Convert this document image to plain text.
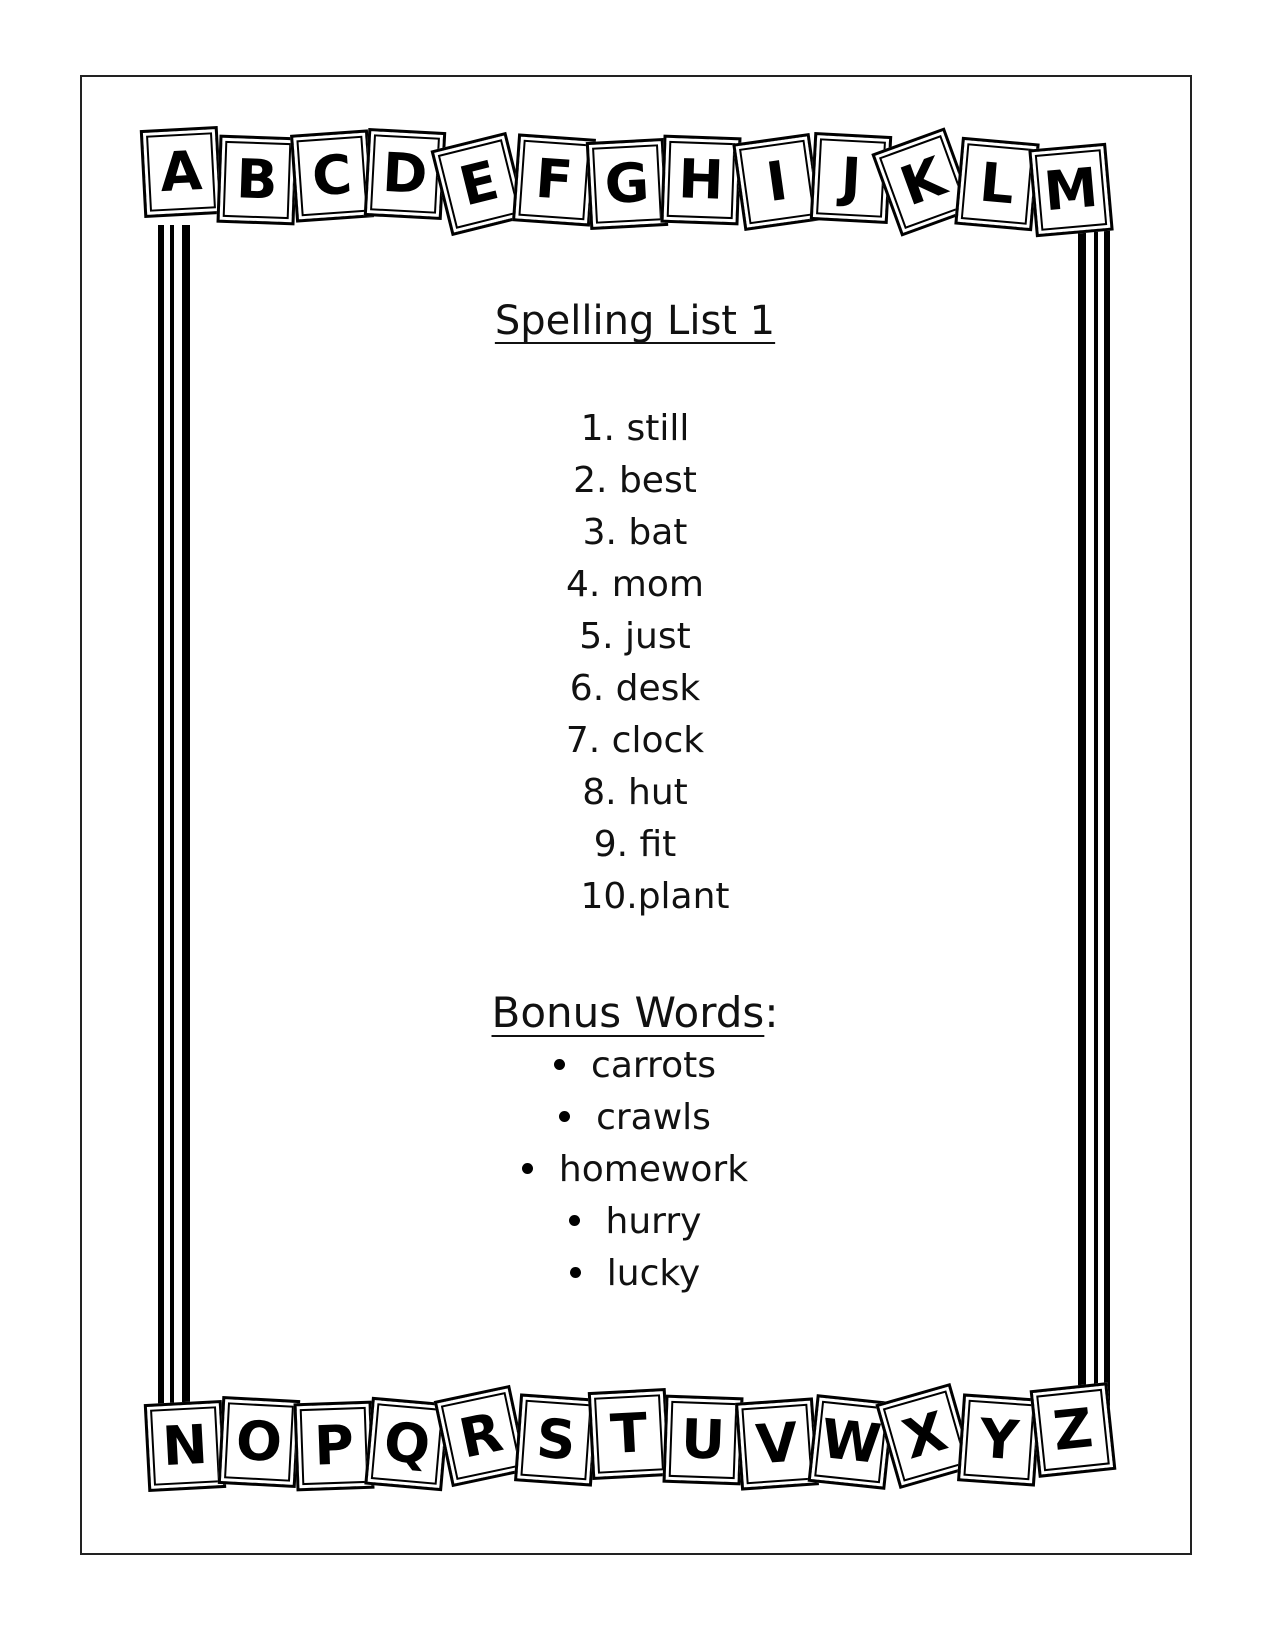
A B C D E F G H I J K L M
N O P Q R S T U V W X Y Z
Spelling List 1
1. still
2. best
3. bat
4. mom
5. just
6. desk
7. clock
8. hut
9. fit
10.plant
Bonus Words:
carrots
crawls
homework
hurry
lucky
